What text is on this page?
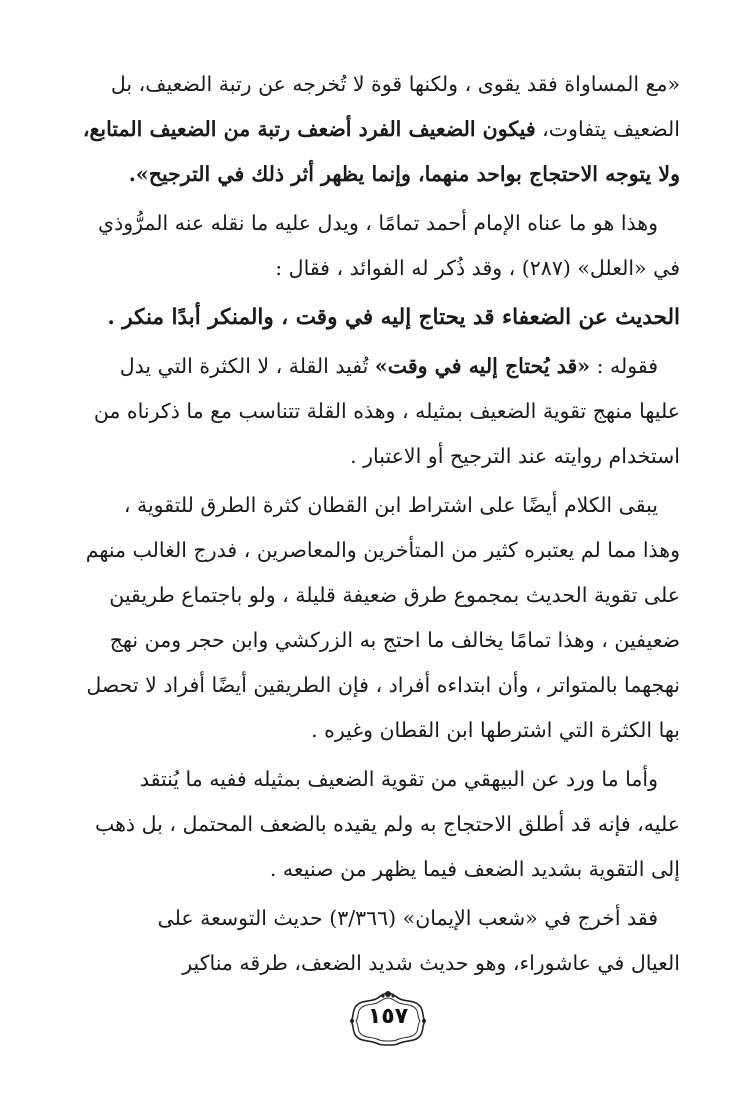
«مع المساواة فقد يقوى ، ولكنها قوة لا تُخرجه عن رتبة الضعيف، بل
الضعيف يتفاوت، فيكون الضعيف الفرد أضعف رتبة من الضعيف المتابع،
ولا يتوجه الاحتجاج بواحد منهما، وإنما يظهر أثر ذلك في الترجيح».

وهذا هو ما عناه الإمام أحمد تمامًا ، ويدل عليه ما نقله عنه المرُّوذي
في «العلل» (٢٨٧) ، وقد ذُكر له الفوائد ، فقال :

الحديث عن الضعفاء قد يحتاج إليه في وقت ، والمنكر أبدًا منكر .

فقوله : «قد يُحتاج إليه في وقت» تُفيد القلة ، لا الكثرة التي يدل
عليها منهج تقوية الضعيف بمثيله ، وهذه القلة تتناسب مع ما ذكرناه من
استخدام روايته عند الترجيح أو الاعتبار .

يبقى الكلام أيضًا على اشتراط ابن القطان كثرة الطرق للتقوية ،
وهذا مما لم يعتبره كثير من المتأخرين والمعاصرين ، فدرج الغالب منهم
على تقوية الحديث بمجموع طرق ضعيفة قليلة ، ولو باجتماع طريقين
ضعيفين ، وهذا تمامًا يخالف ما احتج به الزركشي وابن حجر ومن نهج
نهجهما بالمتواتر ، وأن ابتداءه أفراد ، فإن الطريقين أيضًا أفراد لا تحصل
بها الكثرة التي اشترطها ابن القطان وغيره .

وأما ما ورد عن البيهقي من تقوية الضعيف بمثيله ففيه ما يُنتقد
عليه، فإنه قد أطلق الاحتجاج به ولم يقيده بالضعف المحتمل ، بل ذهب
إلى التقوية بشديد الضعف فيما يظهر من صنيعه .

فقد أخرج في «شعب الإيمان» (٣/٣٦٦) حديث التوسعة على
العيال في عاشوراء، وهو حديث شديد الضعف، طرقه مناكير

١٥٧
